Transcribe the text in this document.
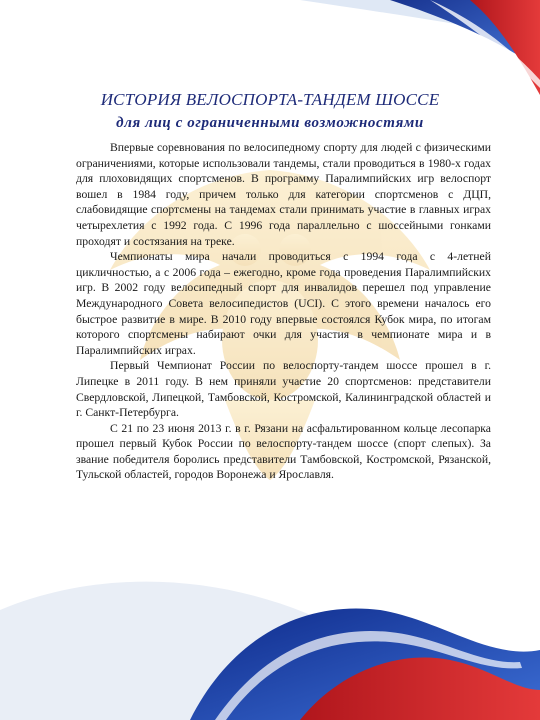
ИСТОРИЯ ВЕЛОСПОРТА-ТАНДЕМ ШОССЕ
для лиц с ограниченными возможностями

Впервые соревнования по велосипедному спорту для людей с физическими ограничениями, которые использовали тандемы, стали проводиться в 1980-х годах для плоховидящих спортсменов. В программу Паралимпийских игр велоспорт вошел в 1984 году, причем только для категории спортсменов с ДЦП, слабовидящие спортсмены на тандемах стали принимать участие в главных играх четырехлетия с 1992 года. С 1996 года параллельно с шоссейными гонками проходят и состязания на треке.

Чемпионаты мира начали проводиться с 1994 года с 4-летней цикличностью, а с 2006 года – ежегодно, кроме года проведения Паралимпийских игр. В 2002 году велосипедный спорт для инвалидов перешел под управление Международного Совета велосипедистов (UCI). С этого времени началось его быстрое развитие в мире. В 2010 году впервые состоялся Кубок мира, по итогам которого спортсмены набирают очки для участия в чемпионате мира и в Паралимпийских играх.

Первый Чемпионат России по велоспорту-тандем шоссе прошел в г. Липецке в 2011 году. В нем приняли участие 20 спортсменов: представители Свердловской, Липецкой, Тамбовской, Костромской, Калининградской областей и г. Санкт-Петербурга.

С 21 по 23 июня 2013 г. в г. Рязани на асфальтированном кольце лесопарка прошел первый Кубок России по велоспорту-тандем шоссе (спорт слепых). За звание победителя боролись представители Тамбовской, Костромской, Рязанской, Тульской областей, городов Воронежа и Ярославля.
